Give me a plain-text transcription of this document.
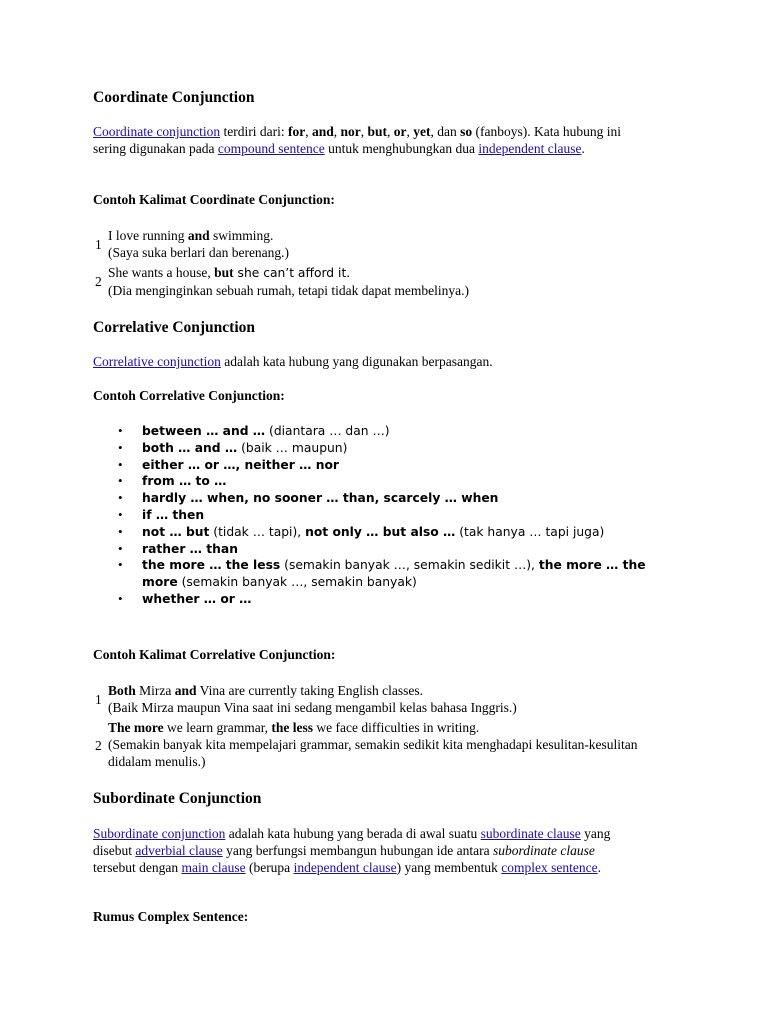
Coordinate Conjunction

Coordinate conjunction terdiri dari: for, and, nor, but, or, yet, dan so (fanboys). Kata hubung ini sering digunakan pada compound sentence untuk menghubungkan dua independent clause.

Contoh Kalimat Coordinate Conjunction:
1

I love running and swimming.

(Saya suka berlari dan berenang.)

2

She wants a house, but she can’t afford it.

(Dia menginginkan sebuah rumah, tetapi tidak dapat membelinya.)

Correlative Conjunction

Correlative conjunction adalah kata hubung yang digunakan berpasangan.

Contoh Correlative Conjunction:
• between … and … (diantara … dan …)
• both … and … (baik … maupun)
• either … or …, neither … nor
• from … to …
• hardly … when, no sooner … than, scarcely … when
• if … then
• not … but (tidak … tapi), not only … but also … (tak hanya … tapi juga)
• rather … than
• the more … the less (semakin banyak …, semakin sedikit …), the more … the more (semakin banyak …, semakin banyak)
• whether … or …
Contoh Kalimat Correlative Conjunction:
1

Both Mirza and Vina are currently taking English classes.

(Baik Mirza maupun Vina saat ini sedang mengambil kelas bahasa Inggris.)

2

The more we learn grammar, the less we face difficulties in writing.

(Semakin banyak kita mempelajari grammar, semakin sedikit kita menghadapi kesulitan-kesulitan didalam menulis.)

Subordinate Conjunction

Subordinate conjunction adalah kata hubung yang berada di awal suatu subordinate clause yang disebut adverbial clause yang berfungsi membangun hubungan ide antara subordinate clause tersebut dengan main clause (berupa independent clause) yang membentuk complex sentence.

Rumus Complex Sentence:
